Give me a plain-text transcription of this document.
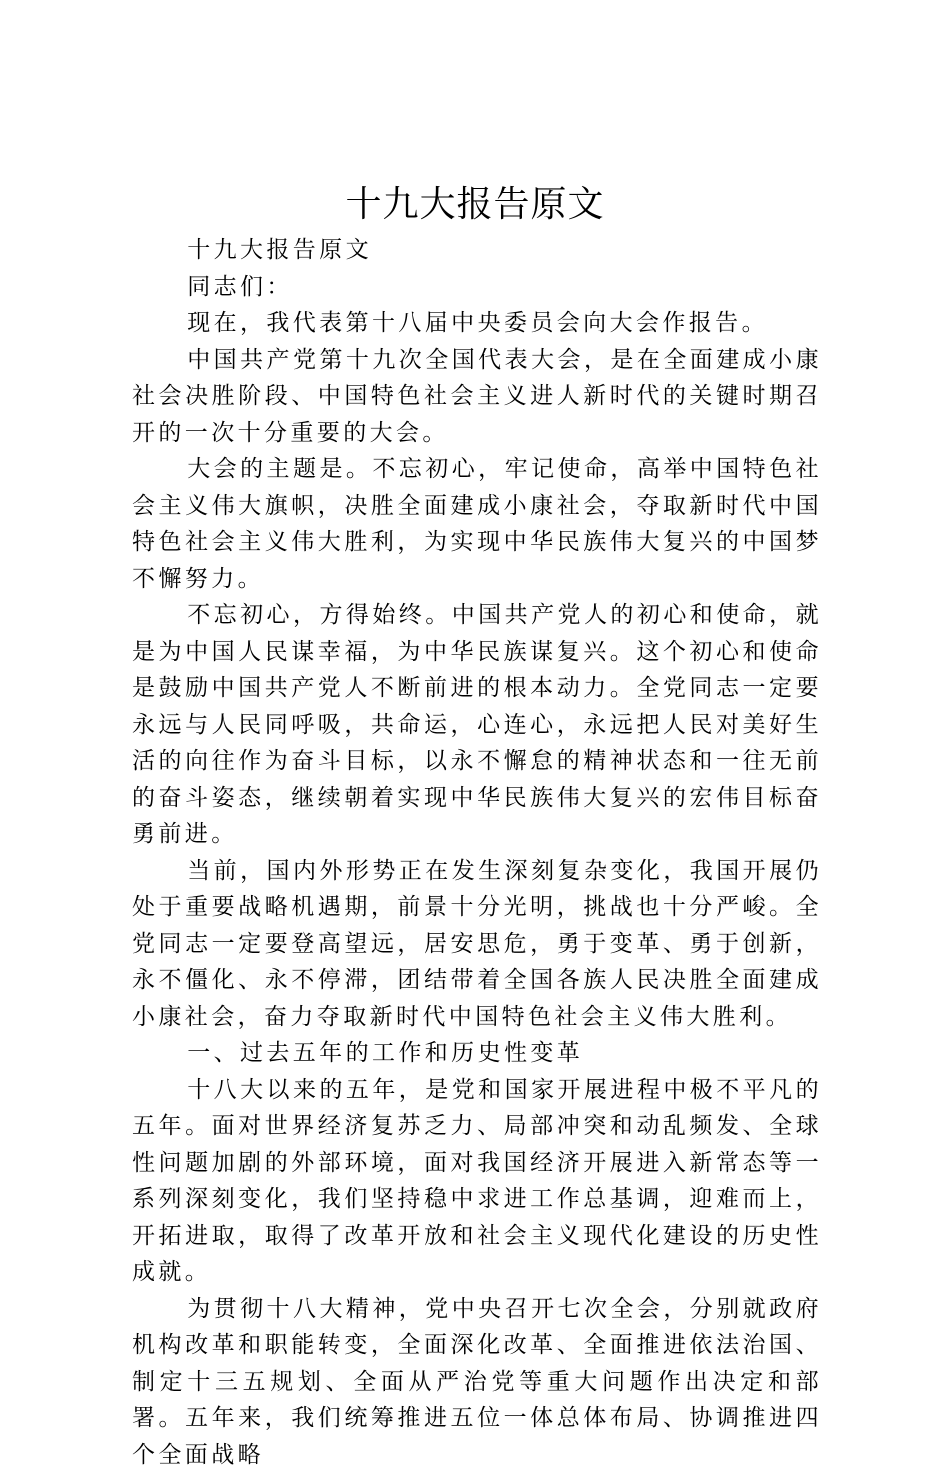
十九大报告原文

十九大报告原文

同志们：

现在，我代表第十八届中央委员会向大会作报告。

中国共产党第十九次全国代表大会，是在全面建成小康社会决胜阶段、中国特色社会主义进人新时代的关键时期召开的一次十分重要的大会。

大会的主题是。不忘初心，牢记使命，高举中国特色社会主义伟大旗帜，决胜全面建成小康社会，夺取新时代中国特色社会主义伟大胜利，为实现中华民族伟大复兴的中国梦不懈努力。

不忘初心，方得始终。中国共产党人的初心和使命，就是为中国人民谋幸福，为中华民族谋复兴。这个初心和使命是鼓励中国共产党人不断前进的根本动力。全党同志一定要永远与人民同呼吸，共命运，心连心，永远把人民对美好生活的向往作为奋斗目标，以永不懈怠的精神状态和一往无前的奋斗姿态，继续朝着实现中华民族伟大复兴的宏伟目标奋勇前进。

当前，国内外形势正在发生深刻复杂变化，我国开展仍处于重要战略机遇期，前景十分光明，挑战也十分严峻。全党同志一定要登高望远，居安思危，勇于变革、勇于创新，永不僵化、永不停滞，团结带着全国各族人民决胜全面建成小康社会，奋力夺取新时代中国特色社会主义伟大胜利。

一、过去五年的工作和历史性变革

十八大以来的五年，是党和国家开展进程中极不平凡的五年。面对世界经济复苏乏力、局部冲突和动乱频发、全球性问题加剧的外部环境，面对我国经济开展进入新常态等一系列深刻变化，我们坚持稳中求进工作总基调，迎难而上，开拓进取，取得了改革开放和社会主义现代化建设的历史性成就。

为贯彻十八大精神，党中央召开七次全会，分别就政府机构改革和职能转变，全面深化改革、全面推进依法治国、制定十三五规划、全面从严治党等重大问题作出决定和部署。五年来，我们统筹推进五位一体总体布局、协调推进四个全面战略
